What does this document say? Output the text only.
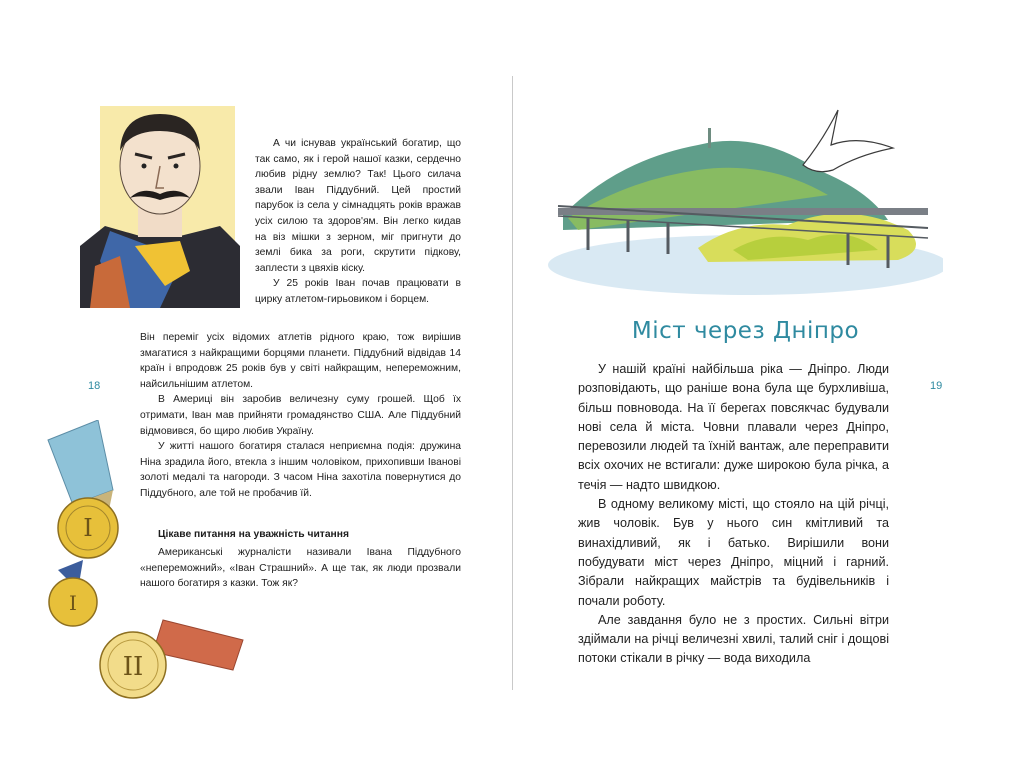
18

А чи існував український богатир, що так само, як і герой нашої казки, сердечно любив рідну землю? Так! Цього силача звали Іван Піддубний. Цей простий парубок із села у сімнадцять років вражав усіх силою та здоров'ям. Він легко кидав на віз мішки з зерном, міг пригнути до землі бика за роги, скрутити підкову, заплести з цвяхів кіску.

У 25 років Іван почав працювати в цирку атлетом-гирьовиком і борцем.

Він переміг усіх відомих атлетів рідного краю, тож вирішив змагатися з найкращими борцями планети. Піддубний відвідав 14 країн і впродовж 25 років був у світі найкращим, непереможним, найсильнішим атлетом.

В Америці він заробив величезну суму грошей. Щоб їх отримати, Іван мав прийняти громадянство США. Але Піддубний відмовився, бо щиро любив Україну.

У житті нашого богатиря сталася неприємна подія: дружина Ніна зрадила його, втекла з іншим чоловіком, прихопивши Іванові золоті медалі та нагороди. З часом Ніна захотіла повернутися до Піддубного, але той не пробачив їй.

Цікаве питання на уважність читання

Американські журналісти називали Івана Піддубного «непереможний», «Іван Страшний». А ще так, як люди прозвали нашого богатиря з казки. Тож як?

I
I
II
19
Міст через Дніпро

У нашій країні найбільша ріка — Дніпро. Люди розповідають, що раніше вона була ще бурхливіша, більш повновода. На її берегах повсякчас будували нові села й міста. Човни плавали через Дніпро, перевозили людей та їхній вантаж, але переправити всіх охочих не встигали: дуже широкою була річка, а течія — надто швидкою.

В одному великому місті, що стояло на цій річці, жив чоловік. Був у нього син кмітливий та винахідливий, як і батько. Вирішили вони побудувати міст через Дніпро, міцний і гарний. Зібрали найкращих майстрів та будівельників і почали роботу.

Але завдання було не з простих. Сильні вітри здіймали на річці величезні хвилі, талий сніг і дощові потоки стікали в річку — вода виходила
